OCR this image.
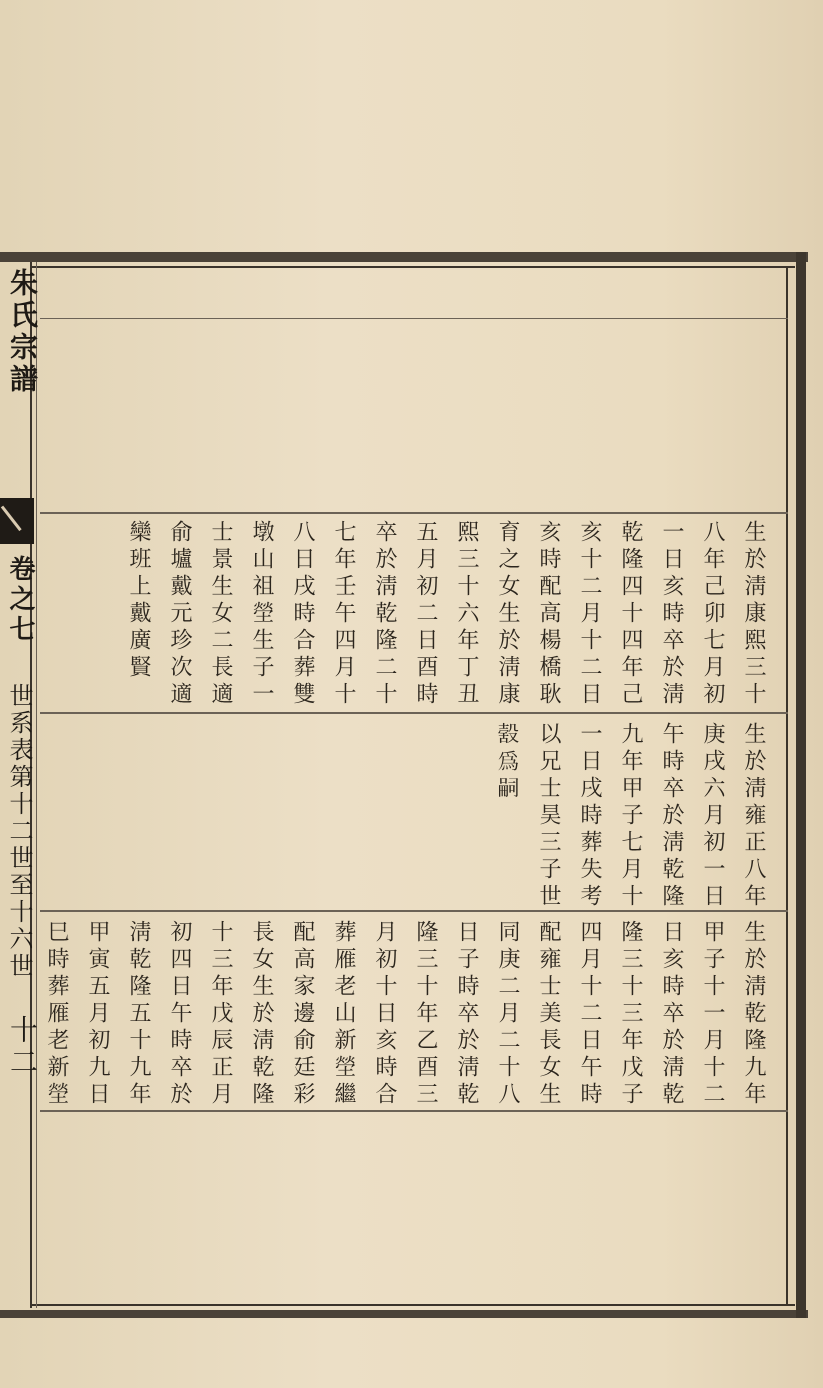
朱氏宗譜
卷之七
世系表第十二世至十六世
十二
生於淸康熙三十
八年己卯七月初
一日亥時卒於淸
乾隆四十四年己
亥十二月十二日
亥時配高楊橋耿
育之女生於淸康
熙三十六年丁丑
五月初二日酉時
卒於淸乾隆二十
七年壬午四月十
八日戌時合葬雙
墩山祖塋生子一
士景生女二長適
俞壚戴元珍次適
欒班上戴廣賢
生於淸雍正八年
庚戌六月初一日
午時卒於淸乾隆
九年甲子七月十
一日戌時葬失考
以兄士昊三子世
𣪸爲嗣
生於淸乾隆九年
甲子十一月十二
日亥時卒於淸乾
隆三十三年戊子
四月十二日午時
配雍士美長女生
同庚二月二十八
日子時卒於淸乾
隆三十年乙酉三
月初十日亥時合
葬雁老山新塋繼
配高家邊俞廷彩
長女生於淸乾隆
十三年戊辰正月
初四日午時卒於
淸乾隆五十九年
甲寅五月初九日
巳時葬雁老新塋
